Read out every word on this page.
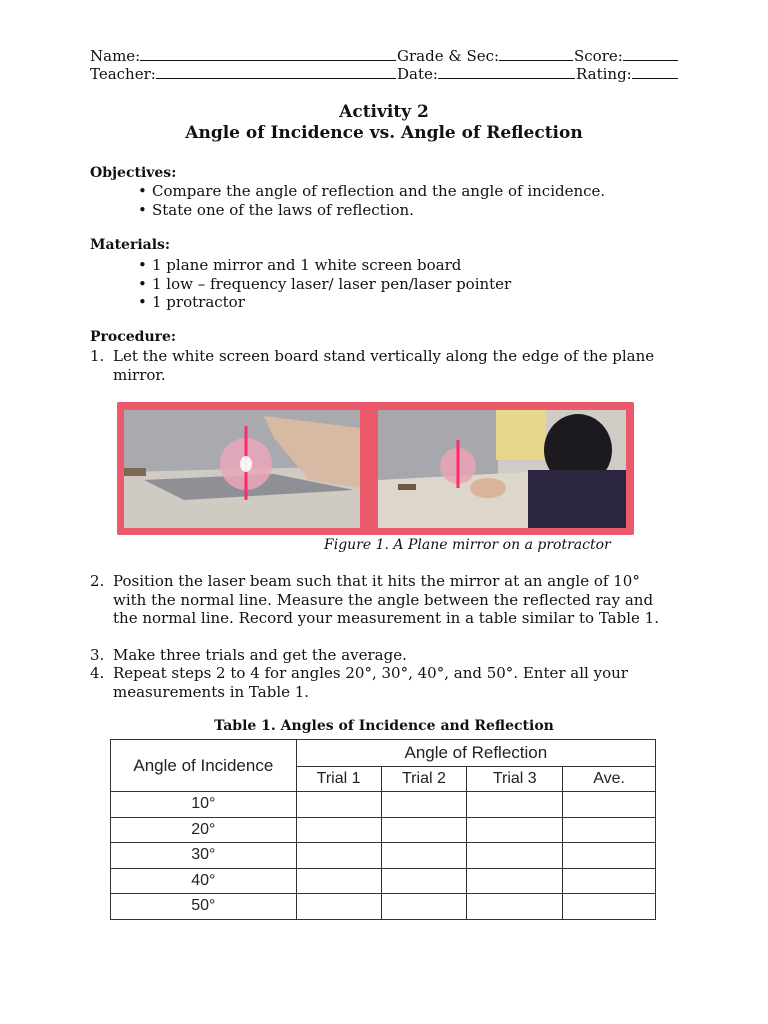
Name:	Grade & Sec:	Score:
Teacher:	Date:	Rating:
Activity 2
Angle of Incidence vs. Angle of Reflection
Objectives:
• Compare the angle of reflection and the angle of incidence.
• State one of the laws of reflection.
Materials:
• 1 plane mirror and 1 white screen board
• 1 low – frequency laser/ laser pen/laser pointer
• 1 protractor
Procedure:
1. Let the white screen board stand vertically along the edge of the plane
mirror.
Figure 1. A Plane mirror on a protractor
2. Position the laser beam such that it hits the mirror at an angle of 10°
with the normal line. Measure the angle between the reflected ray and
the normal line. Record your measurement in a table similar to Table 1.
3. Make three trials and get the average.
4. Repeat steps 2 to 4 for angles 20°, 30°, 40°, and 50°. Enter all your
measurements in Table 1.
Table 1. Angles of Incidence and Reflection
Angle of Incidence	Angle of Reflection			
	Trial 1	Trial 2	Trial 3	Ave.
10°				
20°				
30°				
40°				
50°				
